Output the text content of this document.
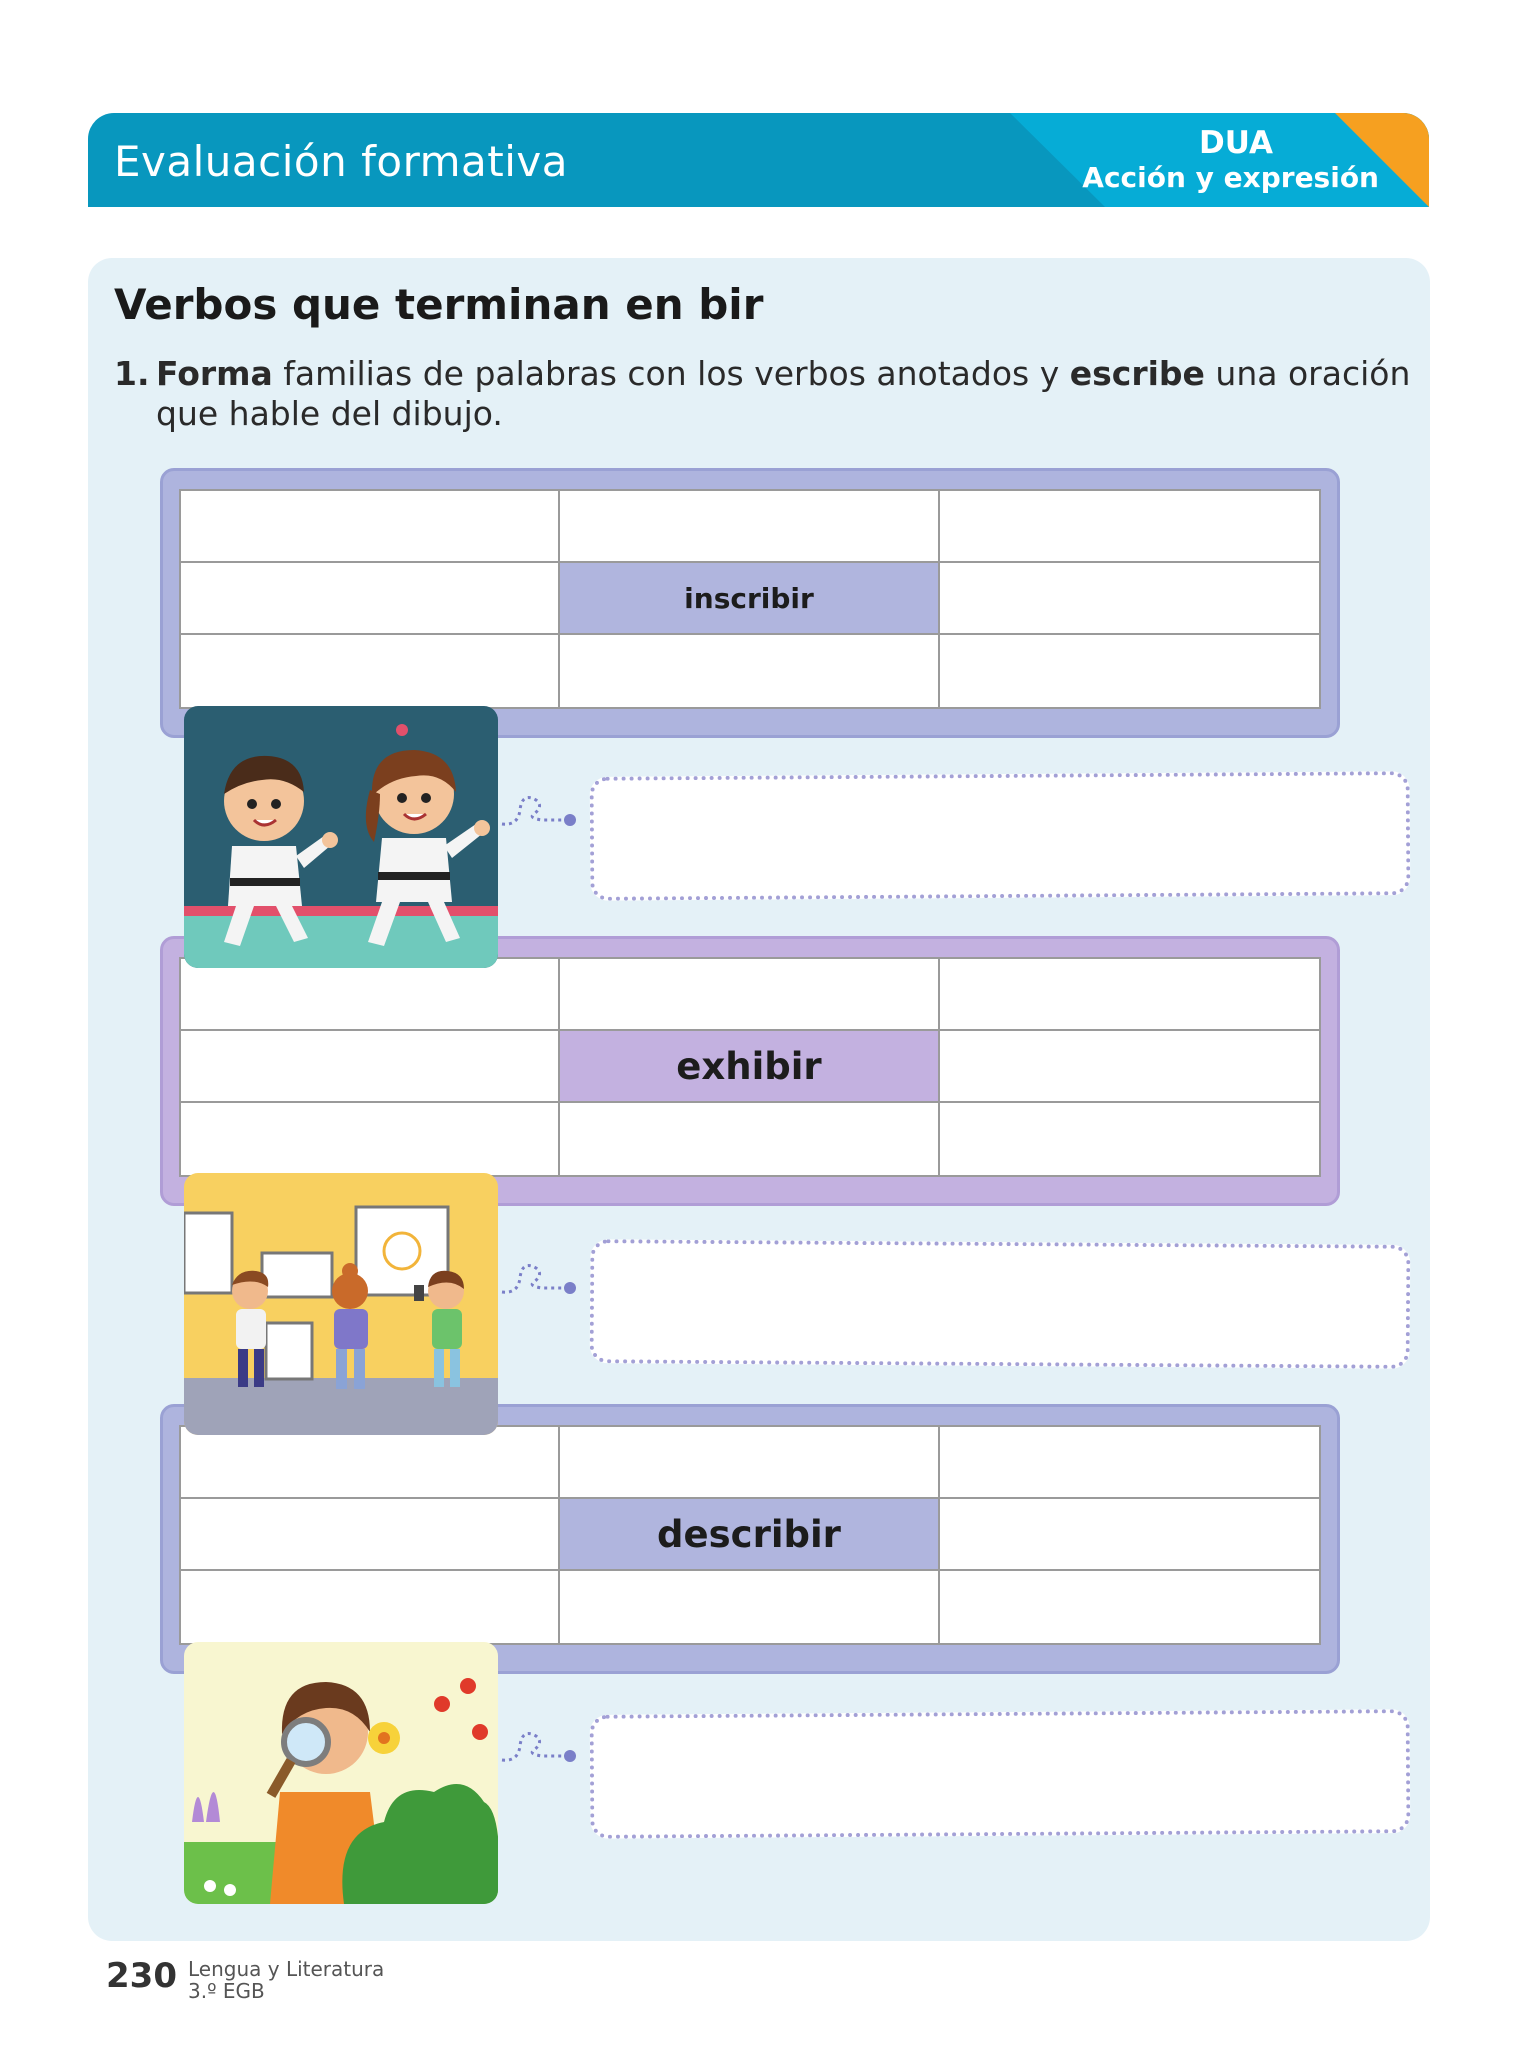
Evaluación formativa	DUA
Acción y expresión
Verbos que terminan en bir
1. Forma familias de palabras con los verbos anotados y escribe una oración
que hable del dibujo.
inscribir
exhibir
describir
230 Lengua y Literatura
3.º EGB
